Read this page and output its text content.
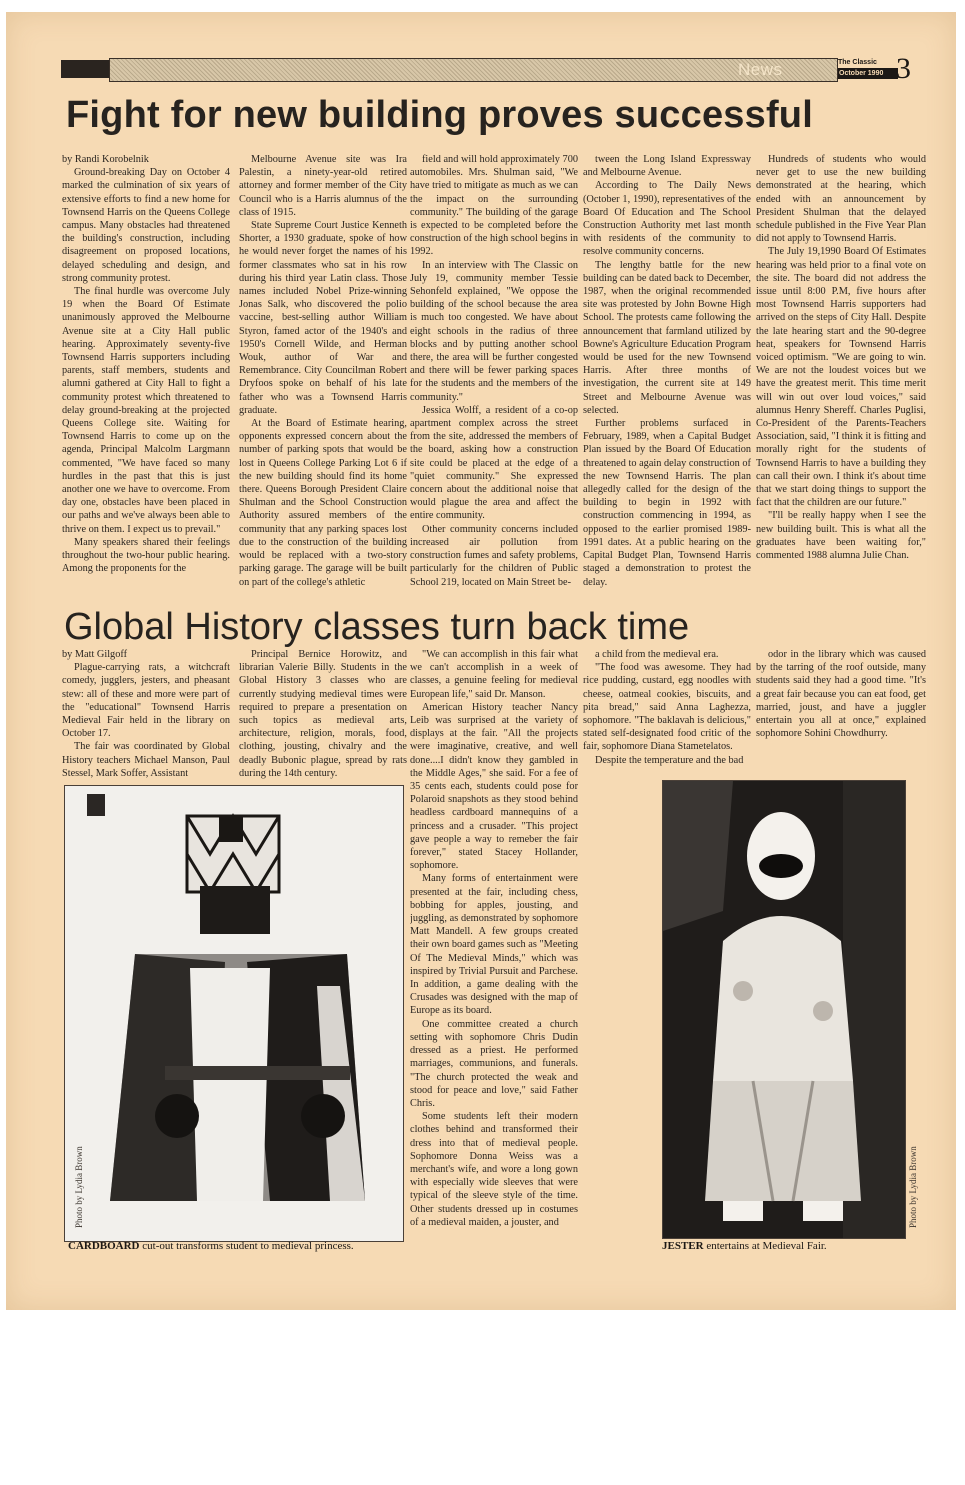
News	The Classic
October 1990 3
Fight for new building proves successful

by Randi Korobelnik

Ground-breaking Day on October 4 marked the culmination of six years of extensive efforts to find a new home for Townsend Harris on the Queens College campus. Many obstacles had threatened the building's construction, including disagreement on proposed locations, delayed scheduling and design, and strong community protest.

The final hurdle was overcome July 19 when the Board Of Estimate unanimously approved the Melbourne Avenue site at a City Hall public hearing. Approximately seventy-five Townsend Harris supporters including parents, staff members, students and alumni gathered at City Hall to fight a community protest which threatened to delay ground-breaking at the projected Queens College site. Waiting for Townsend Harris to come up on the agenda, Principal Malcolm Largmann commented, "We have faced so many hurdles in the past that this is just another one we have to overcome. From day one, obstacles have been placed in our paths and we've always been able to thrive on them. I expect us to prevail."

Many speakers shared their feelings throughout the two-hour public hearing. Among the proponents for the

Melbourne Avenue site was Ira Palestin, a ninety-year-old retired attorney and former member of the City Council who is a Harris alumnus of the class of 1915.

State Supreme Court Justice Kenneth Shorter, a 1930 graduate, spoke of how he would never forget the names of his former classmates who sat in his row during his third year Latin class. Those names included Nobel Prize-winning Jonas Salk, who discovered the polio vaccine, best-selling author William Styron, famed actor of the 1940's and 1950's Cornell Wilde, and Herman Wouk, author of War and Remembrance. City Councilman Robert Dryfoos spoke on behalf of his late father who was a Townsend Harris graduate.

At the Board of Estimate hearing, opponents expressed concern about the number of parking spots that would be lost in Queens College Parking Lot 6 if the new building should find its home there. Queens Borough President Claire Shulman and the School Construction Authority assured members of the community that any parking spaces lost due to the construction of the building would be replaced with a two-story parking garage. The garage will be built on part of the college's athletic

field and will hold approximately 700 automobiles. Mrs. Shulman said, "We have tried to mitigate as much as we can the impact on the surrounding community." The building of the garage is expected to be completed before the construction of the high school begins in 1992.

In an interview with The Classic on July 19, community member Tessie Sehonfeld explained, "We oppose the building of the school because the area is much too congested. We have about eight schools in the radius of three blocks and by putting another school there, the area will be further congested and there will be fewer parking spaces for the students and the members of the community."

Jessica Wolff, a resident of a co-op apartment complex across the street from the site, addressed the members of the board, asking how a construction site could be placed at the edge of a "quiet community." She expressed concern about the additional noise that would plague the area and affect the entire community.

Other community concerns included increased air pollution from construction fumes and safety problems, particularly for the children of Public School 219, located on Main Street be-

tween the Long Island Expressway and Melbourne Avenue.

According to The Daily News (October 1, 1990), representatives of the Board Of Education and The School Construction Authority met last month with residents of the community to resolve community concerns.

The lengthy battle for the new building can be dated back to December, 1987, when the original recommended site was protested by John Bowne High School. The protests came following the announcement that farmland utilized by Bowne's Agriculture Education Program would be used for the new Townsend Harris. After three months of investigation, the current site at 149 Street and Melbourne Avenue was selected.

Further problems surfaced in February, 1989, when a Capital Budget Plan issued by the Board Of Education threatened to again delay construction of the new Townsend Harris. The plan allegedly called for the design of the building to begin in 1992 with construction commencing in 1994, as opposed to the earlier promised 1989-1991 dates. At a public hearing on the Capital Budget Plan, Townsend Harris staged a demonstration to protest the delay.

Hundreds of students who would never get to use the new building demonstrated at the hearing, which ended with an announcement by President Shulman that the delayed schedule published in the Five Year Plan did not apply to Townsend Harris.

The July 19,1990 Board Of Estimates hearing was held prior to a final vote on the site. The board did not address the issue until 8:00 P.M, five hours after most Townsend Harris supporters had arrived on the steps of City Hall. Despite the late hearing start and the 90-degree heat, speakers for Townsend Harris voiced optimism. "We are going to win. We are not the loudest voices but we have the greatest merit. This time merit will win out over loud voices," said alumnus Henry Shereff. Charles Puglisi, Co-President of the Parents-Teachers Association, said, "I think it is fitting and morally right for the students of Townsend Harris to have a building they can call their own. I think it's about time that we start doing things to support the fact that the children are our future."

"I'll be really happy when I see the new building built. This is what all the graduates have been waiting for," commented 1988 alumna Julie Chan.

Global History classes turn back time

by Matt Gilgoff

Plague-carrying rats, a witchcraft comedy, jugglers, jesters, and pheasant stew: all of these and more were part of the "educational" Townsend Harris Medieval Fair held in the library on October 17.

The fair was coordinated by Global History teachers Michael Manson, Paul Stessel, Mark Soffer, Assistant

Principal Bernice Horowitz, and librarian Valerie Billy. Students in the Global History 3 classes who are currently studying medieval times were required to prepare a presentation on such topics as medieval arts, architecture, religion, morals, food, clothing, jousting, chivalry and the deadly Bubonic plague, spread by rats during the 14th century.

"We can accomplish in this fair what we can't accomplish in a week of classes, a genuine feeling for medieval European life," said Dr. Manson.

American History teacher Nancy Leib was surprised at the variety of displays at the fair. "All the projects were imaginative, creative, and well done....I didn't know they gambled in the Middle Ages," she said. For a fee of 35 cents each, students could pose for Polaroid snapshots as they stood behind headless cardboard mannequins of a princess and a crusader. "This project gave people a way to remeber the fair forever," stated Stacey Hollander, sophomore.

Many forms of entertainment were presented at the fair, including chess, bobbing for apples, jousting, and juggling, as demonstrated by sophomore Matt Mandell. A few groups created their own board games such as "Meeting Of The Medieval Minds," which was inspired by Trivial Pursuit and Parchese. In addition, a game dealing with the Crusades was designed with the map of Europe as its board.

One committee created a church setting with sophomore Chris Dudin dressed as a priest. He performed marriages, communions, and funerals. "The church protected the weak and stood for peace and love," said Father Chris.

Some students left their modern clothes behind and transformed their dress into that of medieval people. Sophomore Donna Weiss was a merchant's wife, and wore a long gown with especially wide sleeves that were typical of the sleeve style of the time. Other students dressed up in costumes of a medieval maiden, a jouster, and

a child from the medieval era.

"The food was awesome. They had rice pudding, custard, egg noodles with cheese, oatmeal cookies, biscuits, and pita bread," said Anna Laghezza, sophomore. "The baklavah is delicious," stated self-designated food critic of the fair, sophomore Diana Stametelatos.

Despite the temperature and the bad

odor in the library which was caused by the tarring of the roof outside, many students said they had a good time. "It's a great fair because you can eat food, get married, joust, and have a juggler entertain you all at once," explained sophomore Sohini Chowdhurry.

Photo by Lydia Brown
CARDBOARD cut-out transforms student to medieval princess.
Photo by Lydia Brown
JESTER entertains at Medieval Fair.
